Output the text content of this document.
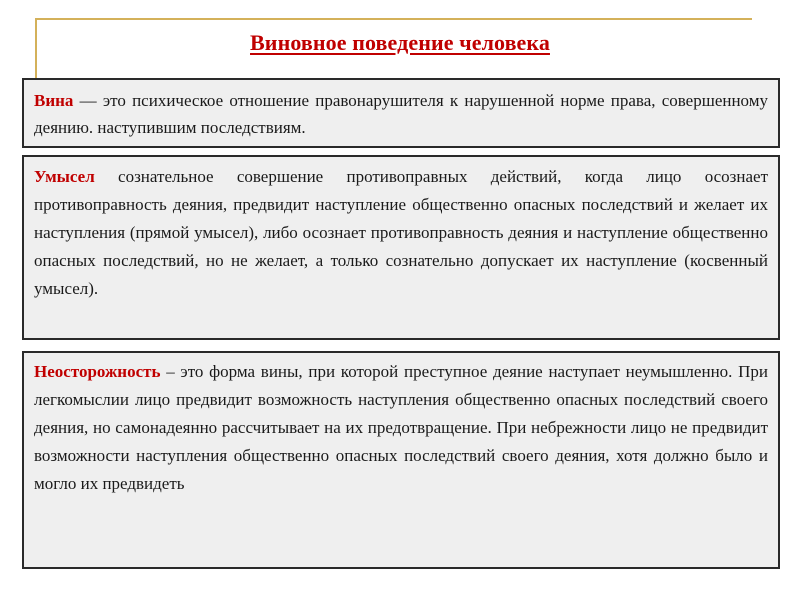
Виновное поведение человека
Вина — это психическое отношение правонарушителя к нарушенной норме права, совершенному деянию. наступившим последствиям.
Умысел сознательное совершение противоправных действий, когда лицо осознает противоправность деяния, предвидит наступление общественно опасных последствий и желает их наступления (прямой умысел), либо осознает противоправность деяния и наступление общественно опасных последствий, но не желает, а только сознательно допускает их наступление (косвенный умысел).
Неосторожность – это форма вины, при которой преступное деяние наступает неумышленно. При легкомыслии лицо предвидит возможность наступления общественно опасных последствий своего деяния, но самонадеянно рассчитывает на их предотвращение. При небрежности лицо не предвидит возможности наступления общественно опасных последствий своего деяния, хотя должно было и могло их предвидеть
